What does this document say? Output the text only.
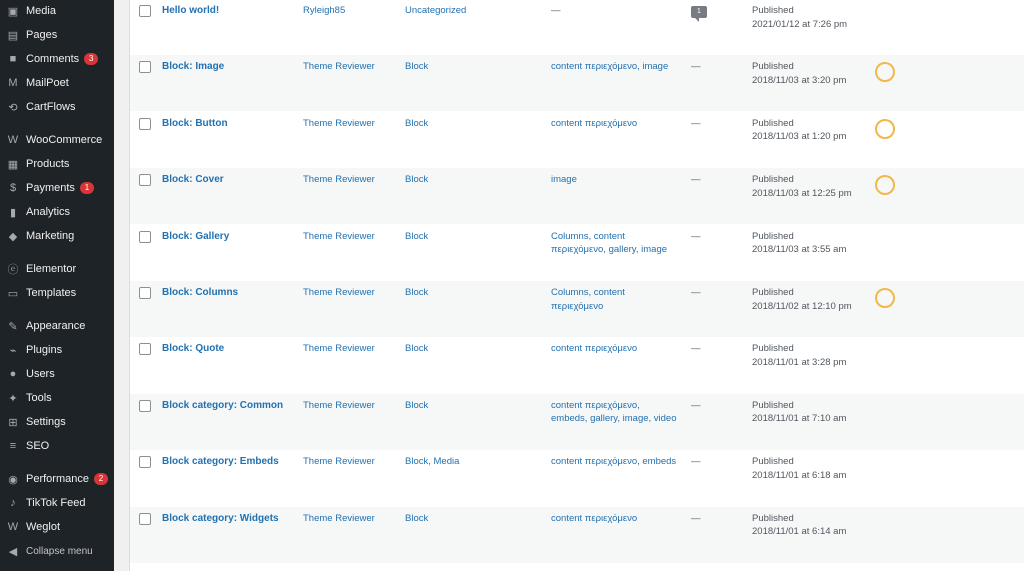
▣ Media
▤ Pages
■ Comments 3
M MailPoet
⟲ CartFlows
W WooCommerce
▦ Products
$ Payments 1
▮ Analytics
◆ Marketing
ⓔ Elementor
▭ Templates
✎ Appearance
⌁ Plugins
● Users
✦ Tools
⊞ Settings
≡ SEO
◉ Performance 2
♪ TikTok Feed
W Weglot
◀ Collapse menu
Hello world!	Ryleigh85	Uncategorized	—	1	Published
2021/01/12 at 7:26 pm
Block: Image	Theme Reviewer	Block	content περιεχόμενο, image	—	Published
2018/11/03 at 3:20 pm
Block: Button	Theme Reviewer	Block	content περιεχόμενο	—	Published
2018/11/03 at 1:20 pm
Block: Cover	Theme Reviewer	Block	image	—	Published
2018/11/03 at 12:25 pm
Block: Gallery	Theme Reviewer	Block	Columns, content
περιεχόμενο, gallery, image
—	Published
2018/11/03 at 3:55 am
Block: Columns	Theme Reviewer	Block	Columns, content
περιεχόμενο
—	Published
2018/11/02 at 12:10 pm
Block: Quote	Theme Reviewer	Block	content περιεχόμενο	—	Published
2018/11/01 at 3:28 pm
Block category: Common	Theme Reviewer	Block	content περιεχόμενο,
embeds, gallery, image, video
—	Published
2018/11/01 at 7:10 am
Block category: Embeds	Theme Reviewer	Block, Media	content περιεχόμενο, embeds	—	Published
2018/11/01 at 6:18 am
Block category: Widgets	Theme Reviewer	Block	content περιεχόμενο	—	Published
2018/11/01 at 6:14 am
